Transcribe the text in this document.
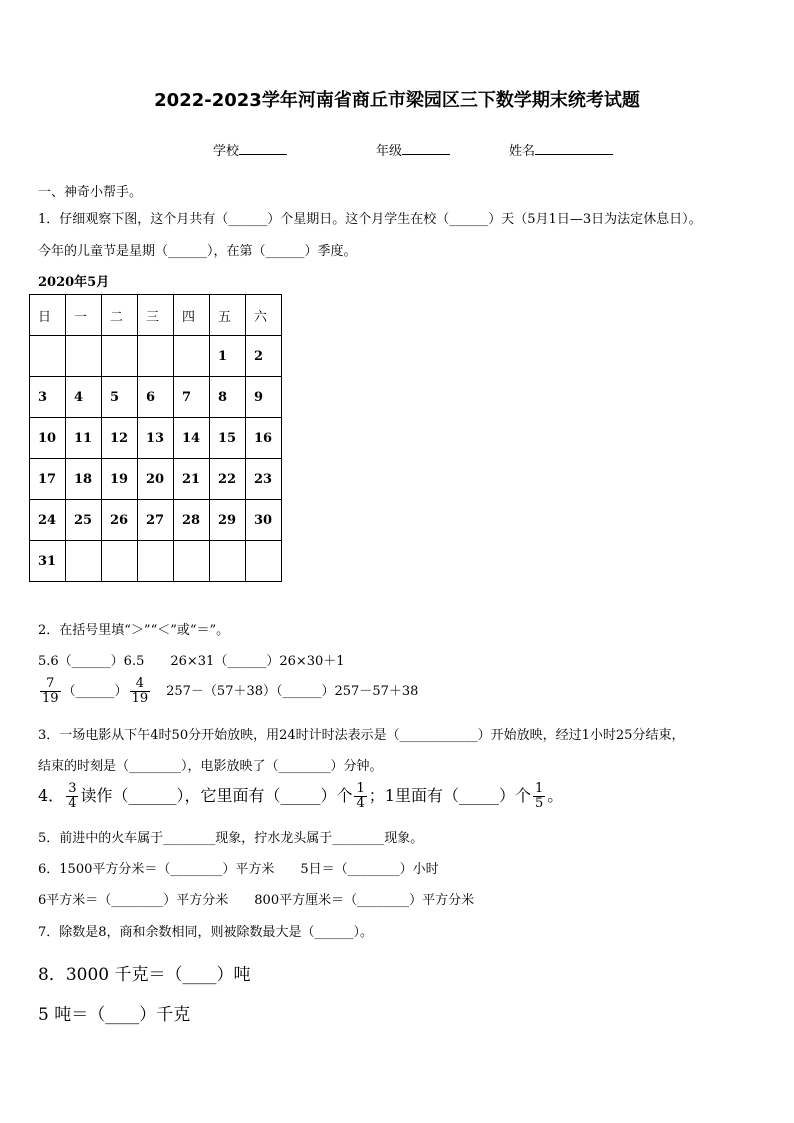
2022-2023学年河南省商丘市梁园区三下数学期末统考试题
学校	年级	姓名
一、神奇小帮手。
1．仔细观察下图，这个月共有（______）个星期日。这个月学生在校（______）天（5月1日—3日为法定休息日）。
今年的儿童节是星期（______），在第（______）季度。
2020年5月
日	一	二	三	四	五	六
					1	2
3	4	5	6	7	8	9
10	11	12	13	14	15	16
17	18	19	20	21	22	23
24	25	26	27	28	29	30
31						
2．在括号里填“＞”“＜”或“＝”。
5.6（______）6.5　　26×31（______）26×30＋1
$\frac{7}{19}$ （______） $\frac{4}{19}$ 257－（57＋38）（______）257－57＋38
3．一场电影从下午4时50分开始放映，用24时计时法表示是（____________）开始放映，经过1小时25分结束，
结束的时刻是（________），电影放映了（________）分钟。
4． $\frac{3}{4}$ 读作（______），它里面有（_____）个 $\frac{1}{4}$ ；1里面有（_____）个 $\frac{1}{5}$ 。
5．前进中的火车属于________现象，拧水龙头属于________现象。
6．1500平方分米＝（________）平方米　　5日＝（________）小时
6平方米＝（________）平方分米　　800平方厘米＝（________）平方分米
7．除数是8，商和余数相同，则被除数最大是（______）。
8．3000 千克＝（____）吨
5 吨＝（____）千克
